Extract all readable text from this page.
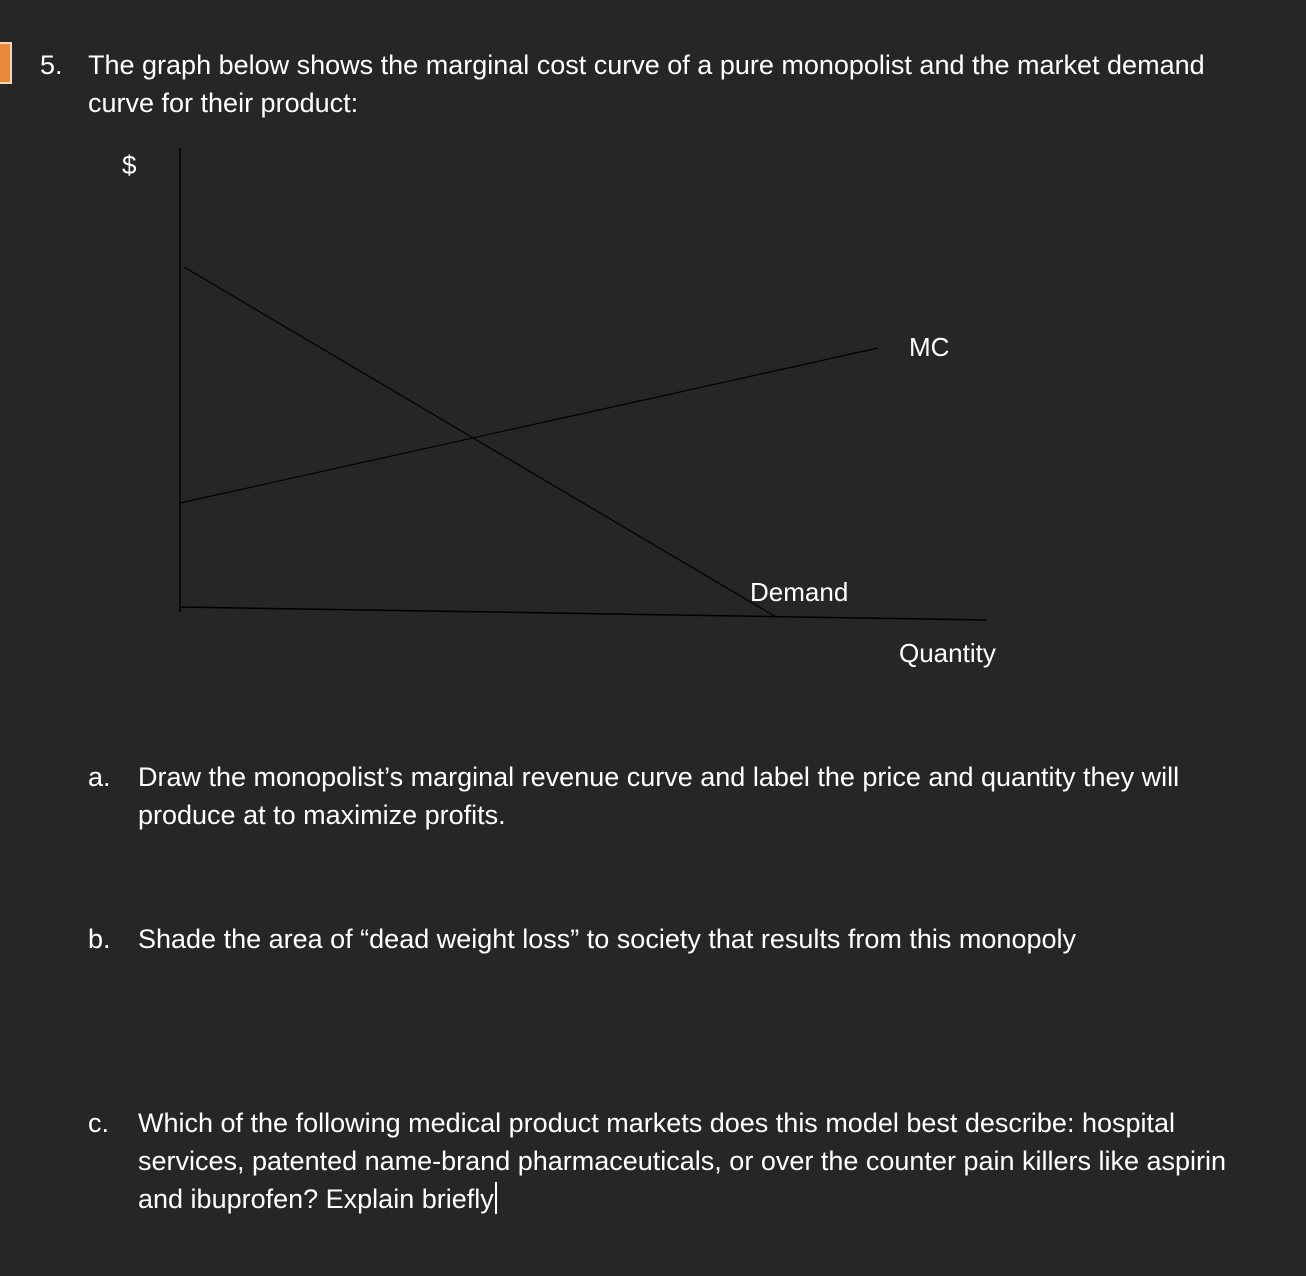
5. The graph below shows the marginal cost curve of a pure monopolist and the market demand curve for their product:
$
MC
Demand
Quantity
a. Draw the monopolist’s marginal revenue curve and label the price and quantity they will produce at to maximize profits.
b. Shade the area of “dead weight loss” to society that results from this monopoly
c. Which of the following medical product markets does this model best describe: hospital services, patented name-brand pharmaceuticals, or over the counter pain killers like aspirin and ibuprofen? Explain briefly
